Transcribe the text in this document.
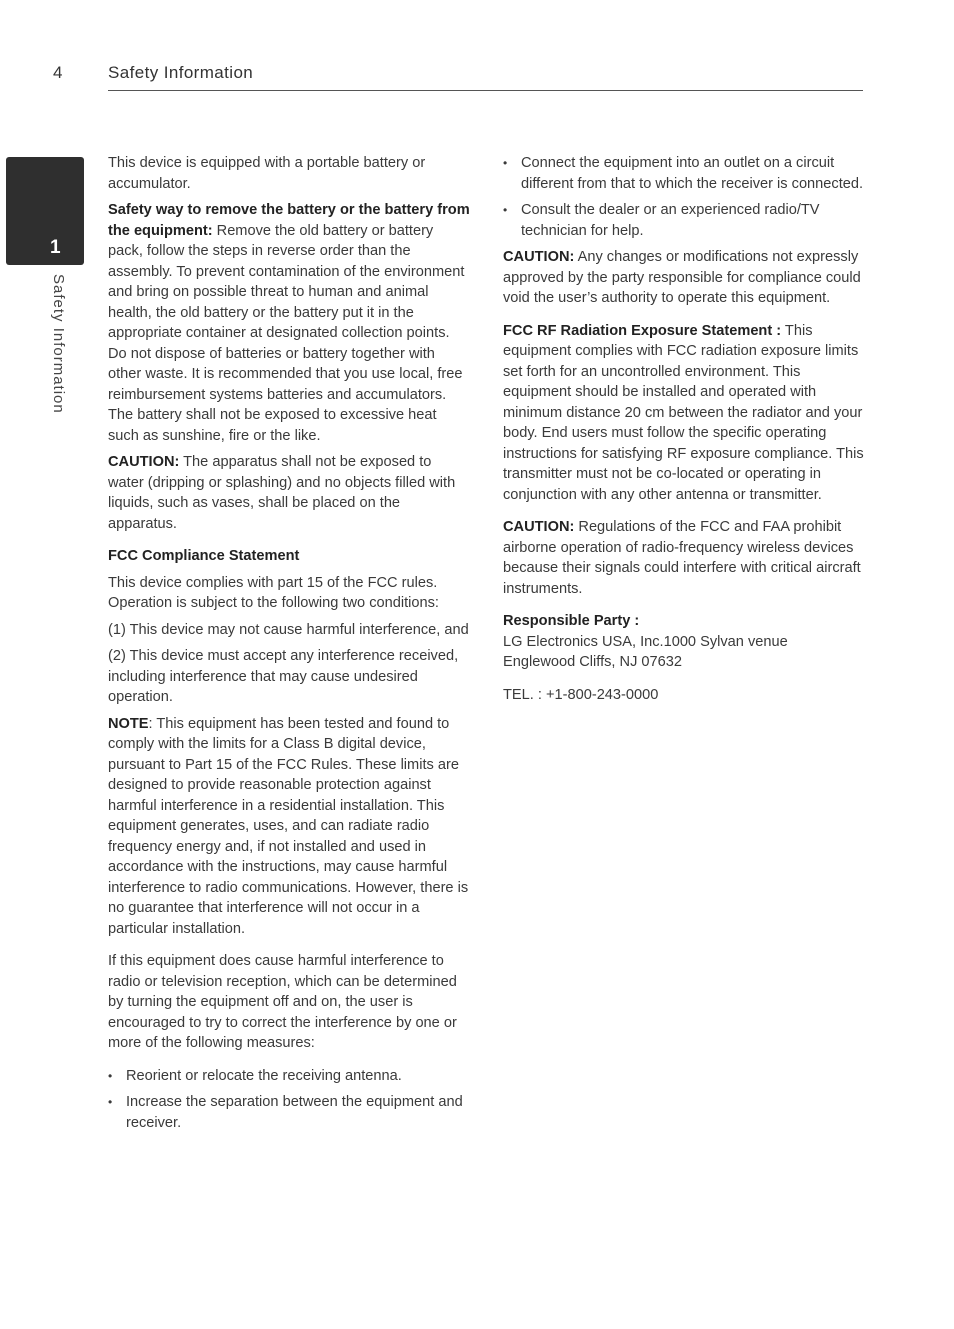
4	Safety Information
1
Safety Information

This device is equipped with a portable battery or accumulator.

Safety way to remove the battery or the battery from the equipment: Remove the old battery or battery pack, follow the steps in reverse order than the assembly. To prevent contamination of the environment and bring on possible threat to human and animal health, the old battery or the battery put it in the appropriate container at designated collection points. Do not dispose of batteries or battery together with other waste. It is recommended that you use local, free reimbursement systems batteries and accumulators. The battery shall not be exposed to excessive heat such as sunshine, fire or the like.

CAUTION: The apparatus shall not be exposed to water (dripping or splashing) and no objects filled with liquids, such as vases, shall be placed on the apparatus.

FCC Compliance Statement

This device complies with part 15 of the FCC rules. Operation is subject to the following two conditions:

(1) This device may not cause harmful interference, and

(2) This device must accept any interference received, including interference that may cause undesired operation.

NOTE: This equipment has been tested and found to comply with the limits for a Class B digital device, pursuant to Part 15 of the FCC Rules. These limits are designed to provide reasonable protection against harmful interference in a residential installation. This equipment generates, uses, and can radiate radio frequency energy and, if not installed and used in accordance with the instructions, may cause harmful interference to radio communications. However, there is no guarantee that interference will not occur in a particular installation.

If this equipment does cause harmful interference to radio or television reception, which can be determined by turning the equipment off and on, the user is encouraged to try to correct the interference by one or more of the following measures:

• Reorient or relocate the receiving antenna.
• Increase the separation between the equipment and receiver.
• Connect the equipment into an outlet on a circuit different from that to which the receiver is connected.
• Consult the dealer or an experienced radio/TV technician for help.

CAUTION: Any changes or modifications not expressly approved by the party responsible for compliance could void the user’s authority to operate this equipment.

FCC RF Radiation Exposure Statement : This equipment complies with FCC radiation exposure limits set forth for an uncontrolled environment. This equipment should be installed and operated with minimum distance 20 cm between the radiator and your body. End users must follow the specific operating instructions for satisfying RF exposure compliance. This transmitter must not be co-located or operating in conjunction with any other antenna or transmitter.

CAUTION: Regulations of the FCC and FAA prohibit airborne operation of radio-frequency wireless devices because their signals could interfere with critical aircraft instruments.

Responsible Party :

LG Electronics USA, Inc.1000 Sylvan venue

Englewood Cliffs, NJ 07632

TEL. : +1-800-243-0000
